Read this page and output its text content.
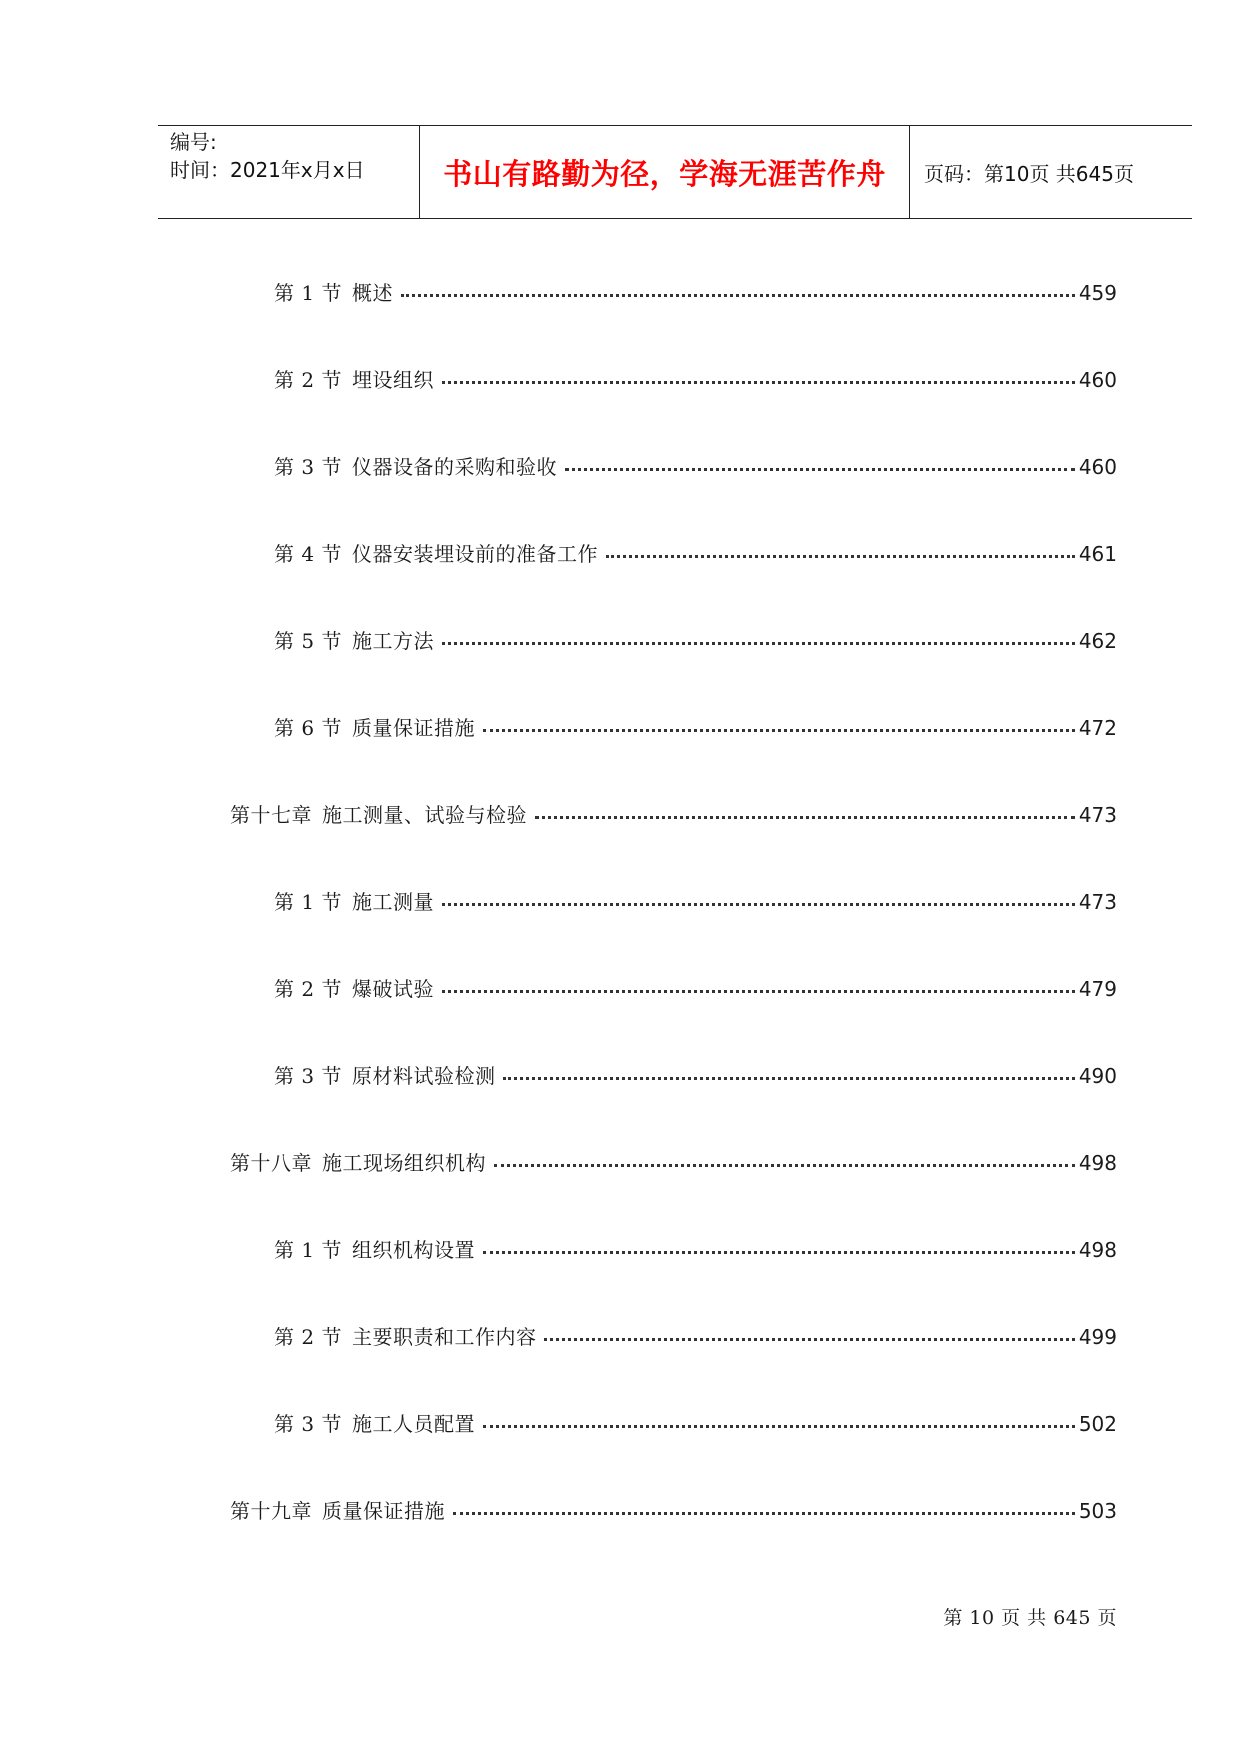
编号:
时间：2021年x月x日	书山有路勤为径，学海无涯苦作舟 页码：第10页 共645页
第 1 节 概述	459
第 2 节 埋设组织	460
第 3 节 仪器设备的采购和验收	460
第 4 节 仪器安装埋设前的准备工作	461
第 5 节 施工方法	462
第 6 节 质量保证措施	472
第十七章 施工测量、试验与检验	473
第 1 节 施工测量	473
第 2 节 爆破试验	479
第 3 节 原材料试验检测	490
第十八章 施工现场组织机构	498
第 1 节 组织机构设置	498
第 2 节 主要职责和工作内容	499
第 3 节 施工人员配置	502
第十九章 质量保证措施	503
第 10 页 共 645 页
